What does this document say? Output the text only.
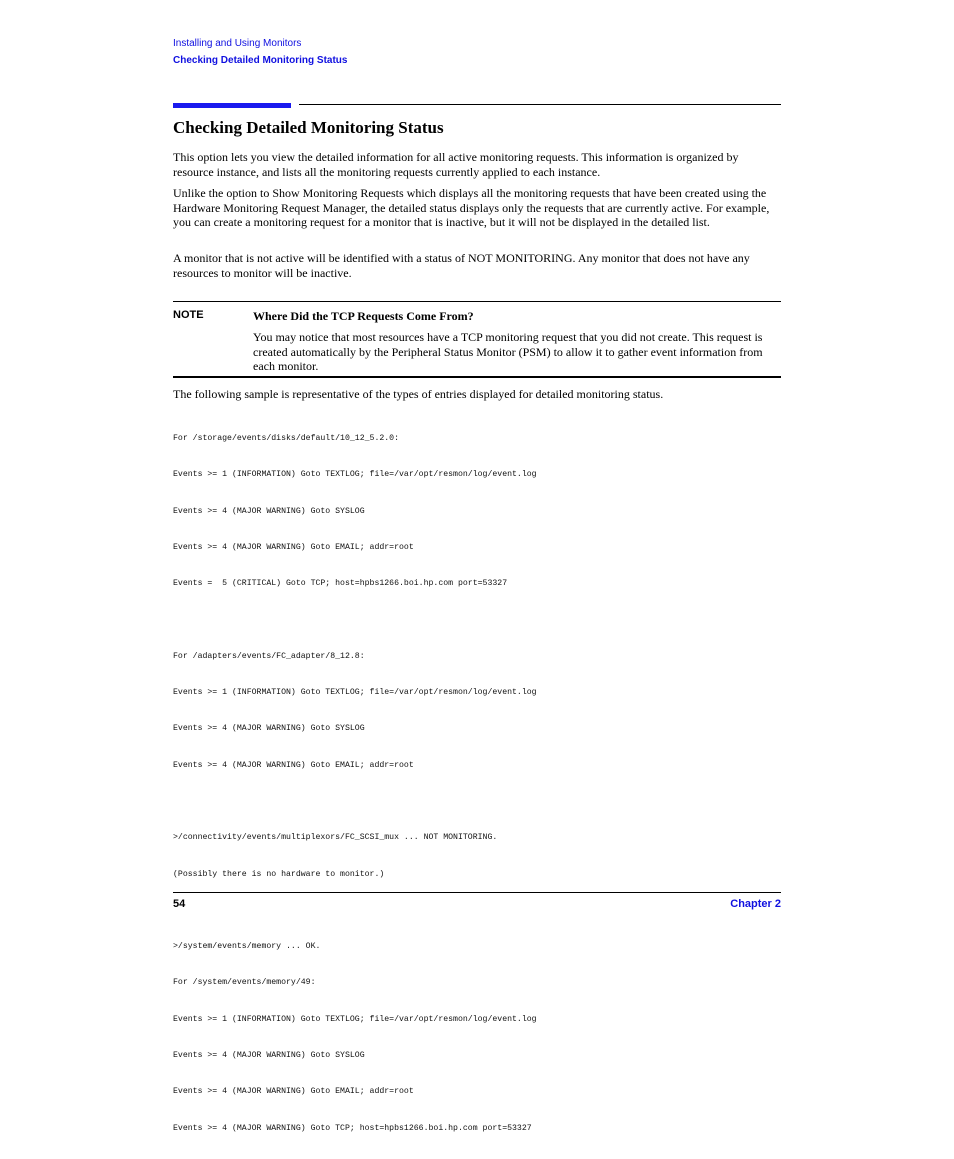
Installing and Using Monitors
Checking Detailed Monitoring Status
Checking Detailed Monitoring Status

This option lets you view the detailed information for all active monitoring requests. This information is organized by resource instance, and lists all the monitoring requests currently applied to each instance.

Unlike the option to Show Monitoring Requests which displays all the monitoring requests that have been created using the Hardware Monitoring Request Manager, the detailed status displays only the requests that are currently active. For example, you can create a monitoring request for a monitor that is inactive, but it will not be displayed in the detailed list.

A monitor that is not active will be identified with a status of NOT MONITORING. Any monitor that does not have any resources to monitor will be inactive.

NOTE	Where Did the TCP Requests Come From?

You may notice that most resources have a TCP monitoring request that you did not create. This request is created automatically by the Peripheral Status Monitor (PSM) to allow it to gather event information from each monitor.

The following sample is representative of the types of entries displayed for detailed monitoring status.

For /storage/events/disks/default/10_12_5.2.0:

Events >= 1 (INFORMATION) Goto TEXTLOG; file=/var/opt/resmon/log/event.log

Events >= 4 (MAJOR WARNING) Goto SYSLOG

Events >= 4 (MAJOR WARNING) Goto EMAIL; addr=root

Events =  5 (CRITICAL) Goto TCP; host=hpbs1266.boi.hp.com port=53327

For /adapters/events/FC_adapter/8_12.8:

Events >= 1 (INFORMATION) Goto TEXTLOG; file=/var/opt/resmon/log/event.log

Events >= 4 (MAJOR WARNING) Goto SYSLOG

Events >= 4 (MAJOR WARNING) Goto EMAIL; addr=root

>/connectivity/events/multiplexors/FC_SCSI_mux ... NOT MONITORING.

(Possibly there is no hardware to monitor.)

>/system/events/memory ... OK.

For /system/events/memory/49:

Events >= 1 (INFORMATION) Goto TEXTLOG; file=/var/opt/resmon/log/event.log

Events >= 4 (MAJOR WARNING) Goto SYSLOG

Events >= 4 (MAJOR WARNING) Goto EMAIL; addr=root

Events >= 4 (MAJOR WARNING) Goto TCP; host=hpbs1266.boi.hp.com port=53327

54	Chapter 2
